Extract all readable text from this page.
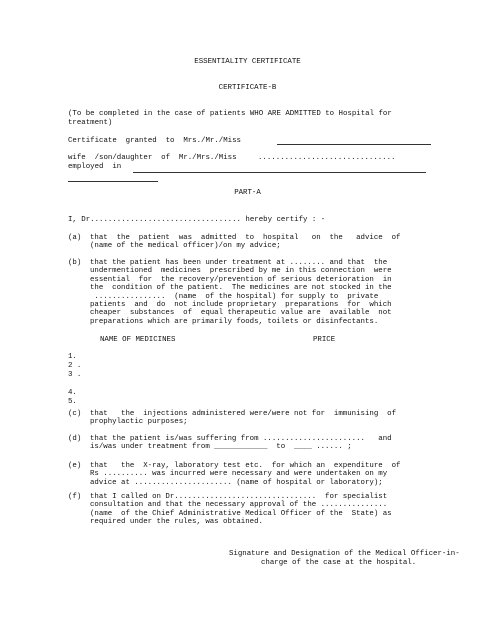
ESSENTIALITY CERTIFICATE
CERTIFICATE-B
(To be completed in the case of patients WHO ARE ADMITTED to Hospital for
treatment)
Certificate  granted  to  Mrs./Mr./Miss
wife  /son/daughter  of  Mr./Mrs./Miss	...............................
employed  in
PART-A
I, Dr.................................. hereby certify : -
(a) that  the  patient  was  admitted  to  hospital   on  the   advice  of
(name of the medical officer)/on my advice;
(b) that the patient has been under treatment at ........ and that  the
undermentioned  medicines  prescribed by me in this connection  were
essential  for  the recovery/prevention of serious deterioration  in
the  condition of the patient.  The medicines are not stocked in the
................  (name  of the hospital) for supply to  private
patients  and  do  not include proprietary  preparations  for  which
cheaper  substances  of  equal therapeutic value are  available  not
preparations which are primarily foods, toilets or disinfectants.
NAME OF MEDICINES	PRICE
1.
2 .
3 .
4.
5.
(c) that   the  injections administered were/were not for  immunising  of
prophylactic purposes;
(d) that the patient is/was suffering from .......................   and
is/was under treatment from ____________  to  ____ ...... ;
(e) that   the  X-ray, laboratory test etc.  for which an  expenditure  of
Rs .......... was incurred were necessary and were undertaken on my
advice at ...................... (name of hospital or laboratory);
(f) that I called on Dr................................  for specialist
consultation and that the necessary approval of the ...............
(name  of the Chief Administrative Medical Officer of the  State) as
required under the rules, was obtained.
Signature and Designation of the Medical Officer-in-
charge of the case at the hospital.
